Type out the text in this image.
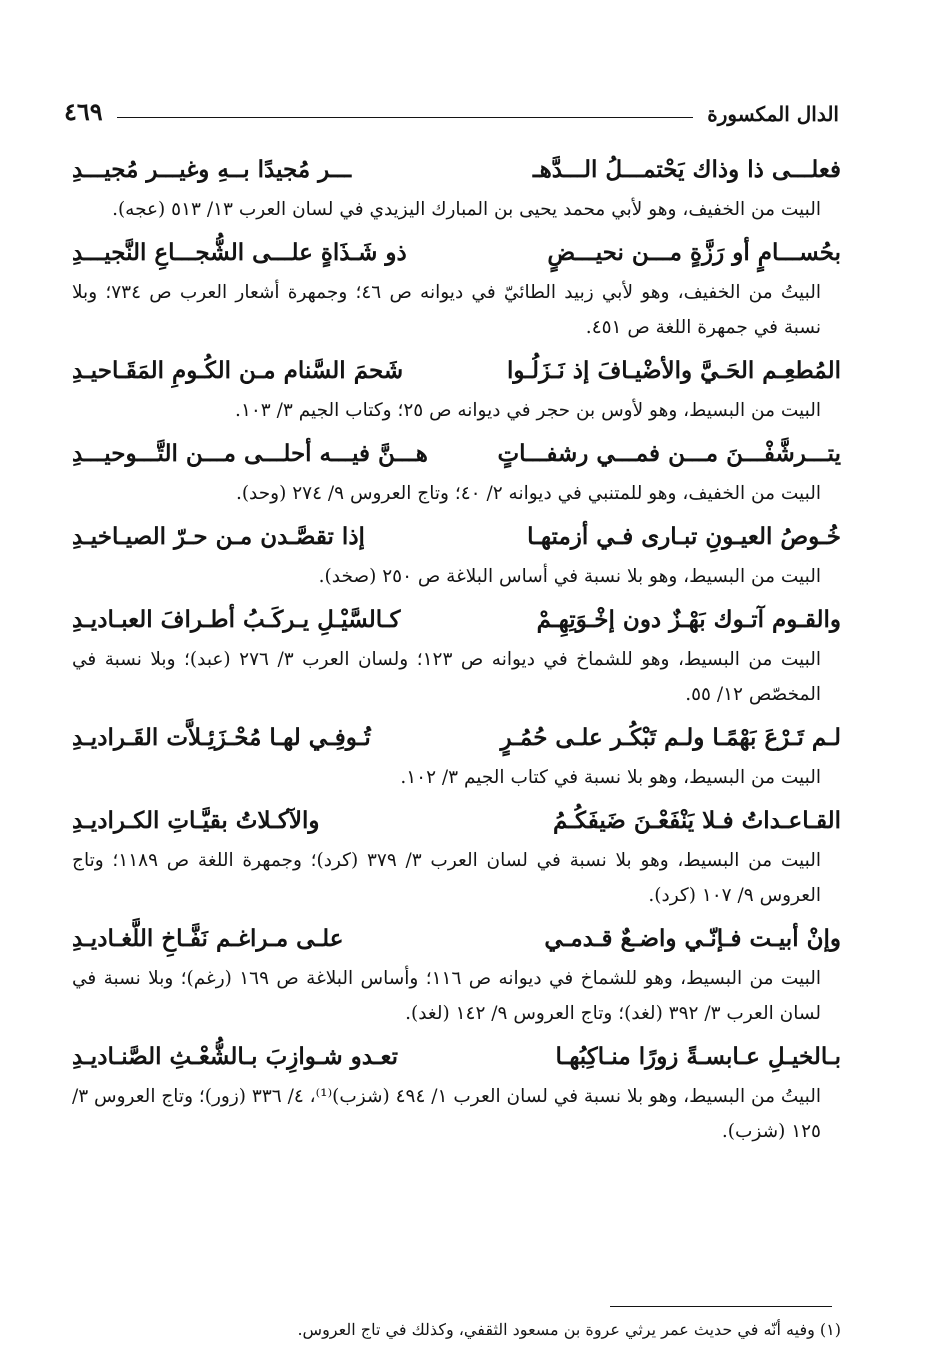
٤٦٩	الدال المكسورة
فعلـــى ذا وذاك يَحْتمـــلُ الـــدَّهـ
ـــر مُجيدًا بــهِ وغيـــر مُجيـــدِ
البيت من الخفيف، وهو لأبي محمد يحيى بن المبارك اليزيدي في لسان العرب ١٣/ ٥١٣ (عجه).
بحُســـامٍ أو رَزَّةٍ مـــن نحيـــضٍ
ذو شَـذَاةٍ علـــى الشُّجـــاعِ النَّجيـــدِ
البيتُ من الخفيف، وهو لأبي زبيد الطائيّ في ديوانه ص ٤٦؛ وجمهرة أشعار العرب ص ٧٣٤؛ وبلا نسبة في جمهرة اللغة ص ٤٥١.
المُطعِـم الحَـيَّ والأضْيـافَ إذ نَـزَلُـوا
شَحمَ السَّنام مـن الكُـومِ المَقَـاحيـدِ
البيت من البسيط، وهو لأوس بن حجر في ديوانه ص ٢٥؛ وكتاب الجيم ٣/ ١٠٣.
يتـــرشَّفْـــنَ مـــن فمـــي رشفـــاتٍ
هـــنَّ فيـــه أحلـــى مـــن التَّـــوحيـــدِ
البيت من الخفيف، وهو للمتنبي في ديوانه ٢/ ٤٠؛ وتاج العروس ٩/ ٢٧٤ (وحد).
خُـوصُ العيـونِ تبـارى فـي أزمتهـا
إذا تقصَّـدن مـن حـرّ الصيـاخيـدِ
البيت من البسيط، وهو بلا نسبة في أساس البلاغة ص ٢٥٠ (صخد).
والقـوم آتـوك بَهْـزٌ دون إخْـوَتِهِـمْ
كـالسَّيْـلِ يـركَـبُ أطـرافَ العبـاديـدِ
البيت من البسيط، وهو للشماخ في ديوانه ص ١٢٣؛ ولسان العرب ٣/ ٢٧٦ (عبد)؛ وبلا نسبة في المخصّص ١٢/ ٥٥.
لـم تَـرْعَ بَهْمًـا ولـم تَبْكُـر علـى حُمُـرٍ
تُـوفِـي لهـا مُحْـزَئِـلاَّت القَـراديـدِ
البيت من البسيط، وهو بلا نسبة في كتاب الجيم ٣/ ١٠٢.
القـاعـداتُ فـلا يَنْفَعْـنَ ضَيفَكُـمُ
والآكـلاتُ بقيَّـاتِ الكـراديـدِ
البيت من البسيط، وهو بلا نسبة في لسان العرب ٣/ ٣٧٩ (كرد)؛ وجمهرة اللغة ص ١١٨٩؛ وتاج العروس ٩/ ١٠٧ (كرد).
وإنْ أبيـت فـإنّـي واضـعٌ قـدمـي
علـى مـراغـم نَفَّـاخِ اللَّغـاديـدِ
البيت من البسيط، وهو للشماخ في ديوانه ص ١١٦؛ وأساس البلاغة ص ١٦٩ (رغم)؛ وبلا نسبة في لسان العرب ٣/ ٣٩٢ (لغد)؛ وتاج العروس ٩/ ١٤٢ (لغد).
بـالخيـلِ عـابسـةً زورًا منـاكِبُهـا
تعـدو شـوازِبَ بـالشُّعْـثِ الصَّنـاديـدِ
البيتُ من البسيط، وهو بلا نسبة في لسان العرب ١/ ٤٩٤ (شزب)⁽¹⁾، ٤/ ٣٣٦ (زور)؛ وتاج العروس ٣/ ١٢٥ (شزب).
(١) وفيه أنّه في حديث عمر يرثي عروة بن مسعود الثقفي، وكذلك في تاج العروس.
